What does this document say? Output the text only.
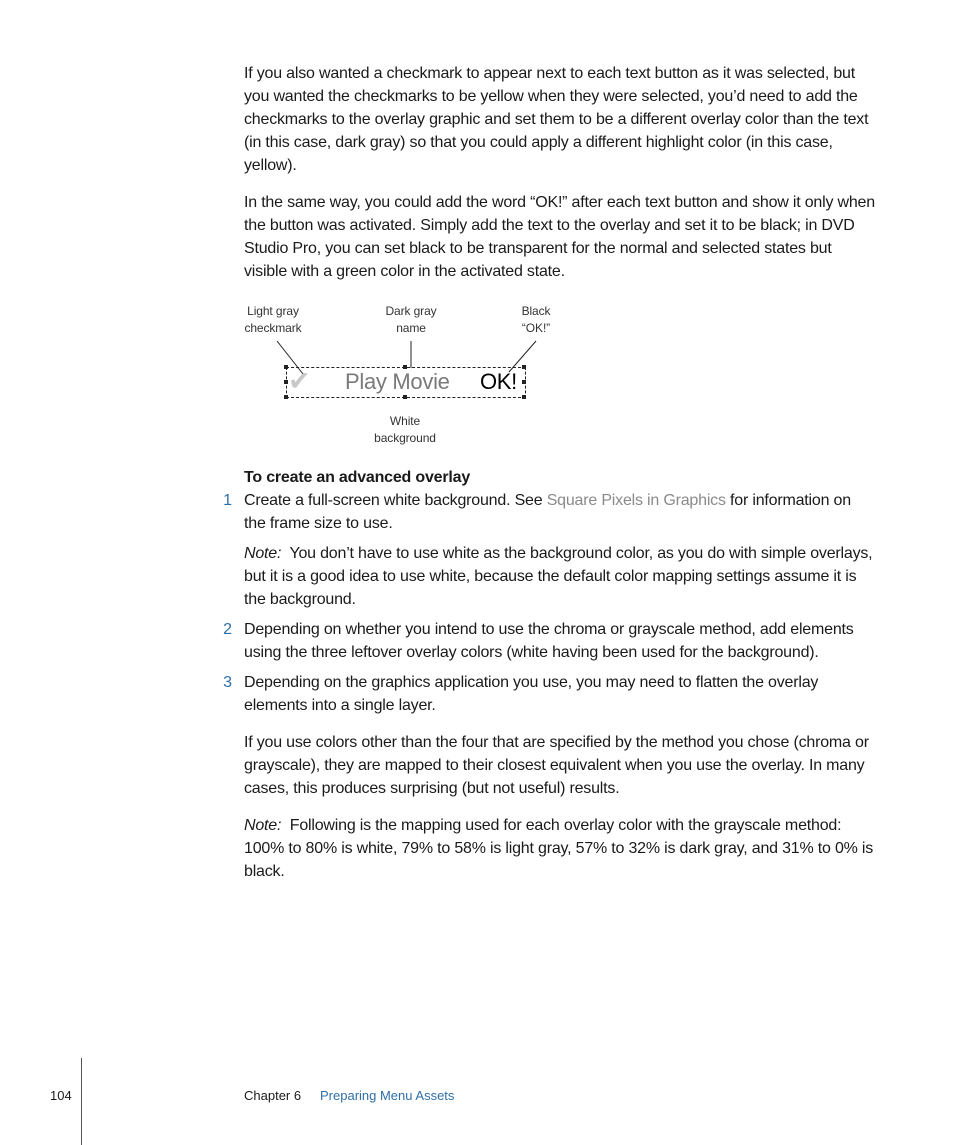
If you also wanted a checkmark to appear next to each text button as it was selected, but you wanted the checkmarks to be yellow when they were selected, you’d need to add the checkmarks to the overlay graphic and set them to be a different overlay color than the text (in this case, dark gray) so that you could apply a different highlight color (in this case, yellow).

In the same way, you could add the word “OK!” after each text button and show it only when the button was activated. Simply add the text to the overlay and set it to be black; in DVD Studio Pro, you can set black to be transparent for the normal and selected states but visible with a green color in the activated state.

Light gray
checkmark
Dark gray
name
Black
“OK!”
White
background
✔ Play Movie OK!
To create an advanced overlay
1 Create a full-screen white background. See Square Pixels in Graphics for information on the frame size to use.

Note:  You don’t have to use white as the background color, as you do with simple overlays, but it is a good idea to use white, because the default color mapping settings assume it is the background.

2 Depending on whether you intend to use the chroma or grayscale method, add elements using the three leftover overlay colors (white having been used for the background).

3 Depending on the graphics application you use, you may need to flatten the overlay elements into a single layer.

If you use colors other than the four that are specified by the method you chose (chroma or grayscale), they are mapped to their closest equivalent when you use the overlay. In many cases, this produces surprising (but not useful) results.

Note:  Following is the mapping used for each overlay color with the grayscale method: 100% to 80% is white, 79% to 58% is light gray, 57% to 32% is dark gray, and 31% to 0% is black.

104	Chapter 6 Preparing Menu Assets
